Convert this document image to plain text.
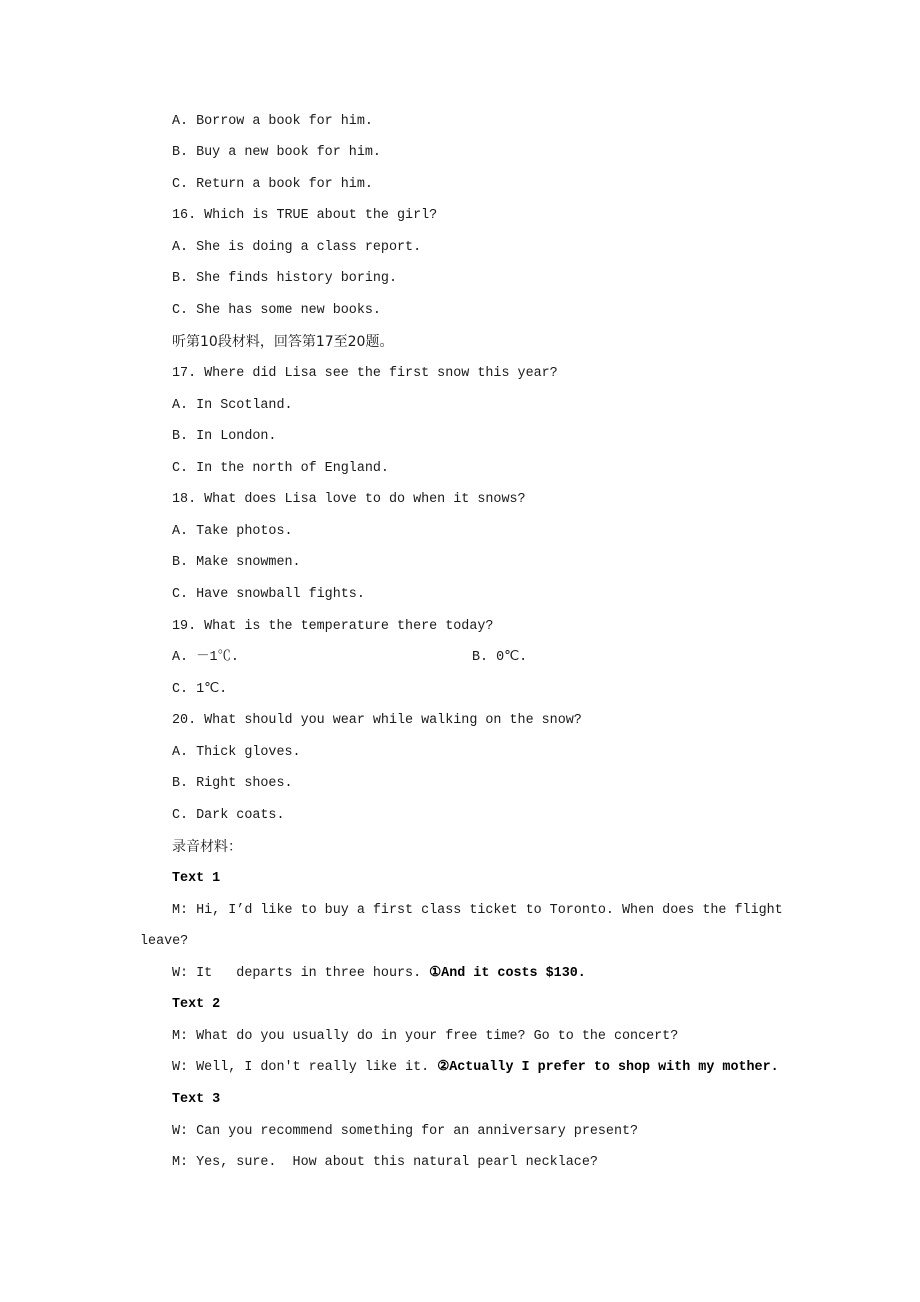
A. Borrow a book for him.
B. Buy a new book for him.
C. Return a book for him.
16. Which is TRUE about the girl?
A. She is doing a class report.
B. She finds history boring.
C. She has some new books.
听第10段材料，回答第17至20题。
17. Where did Lisa see the first snow this year?
A. In Scotland.
B. In London.
C. In the north of England.
18. What does Lisa love to do when it snows?
A. Take photos.
B. Make snowmen.
C. Have snowball fights.
19. What is the temperature there today?
A. －1℃.	B. 0℃.
C. 1℃.
20. What should you wear while walking on the snow?
A. Thick gloves.
B. Right shoes.
C. Dark coats.
录音材料：
Text 1
M: Hi, I’d like to buy a first class ticket to Toronto. When does the flight
leave?
W: It   departs in three hours. ①And it costs $130.
Text 2
M: What do you usually do in your free time? Go to the concert?
W: Well, I don't really like it. ②Actually I prefer to shop with my mother.
Text 3
W: Can you recommend something for an anniversary present?
M: Yes, sure.  How about this natural pearl necklace?
